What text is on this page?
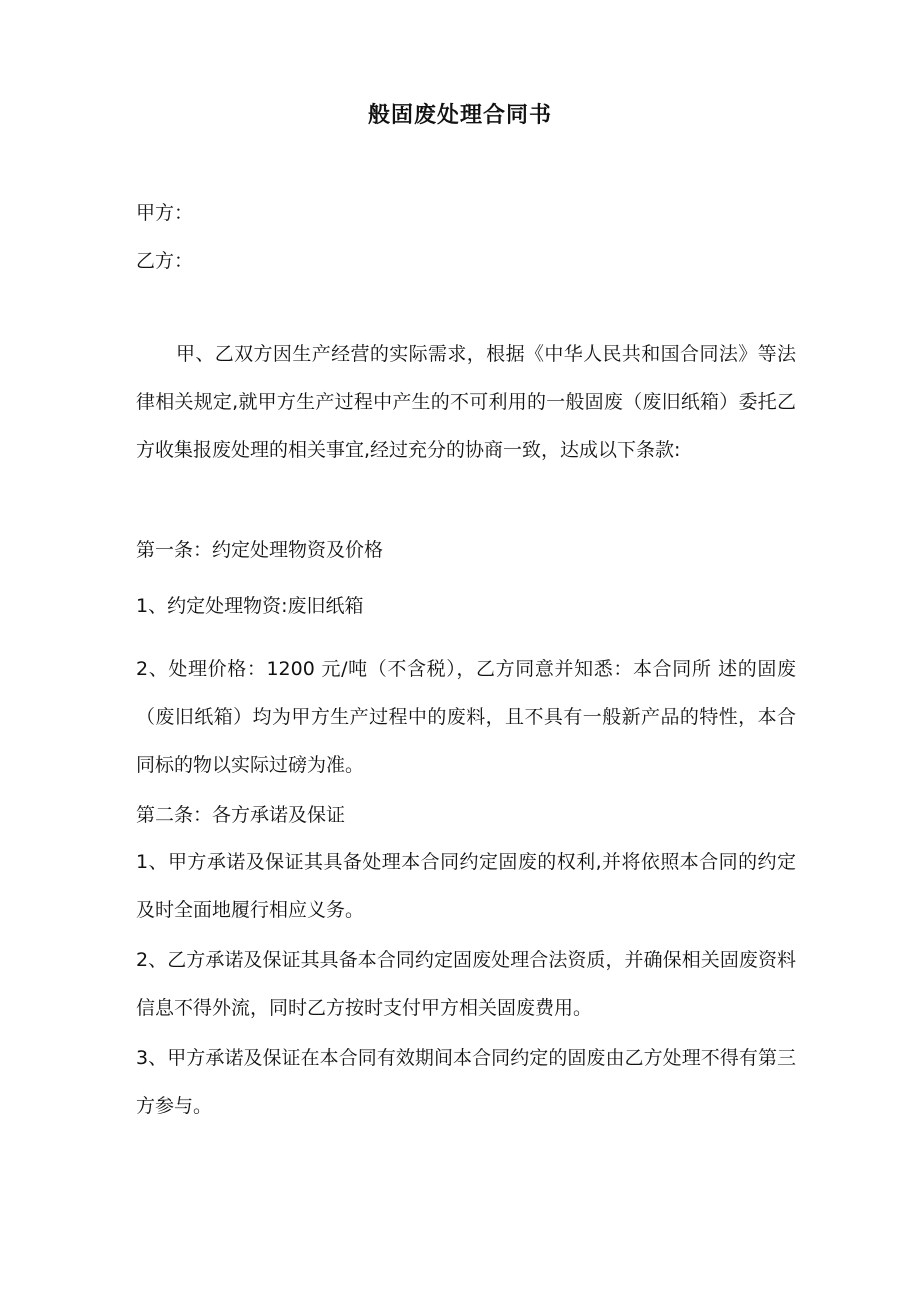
般固废处理合同书
甲方：
乙方：
甲、乙双方因生产经营的实际需求，根据《中华人民共和国合同法》等法律相关规定,就甲方生产过程中产生的不可利用的一般固废（废旧纸箱）委托乙方收集报废处理的相关事宜,经过充分的协商一致，达成以下条款:
第一条：约定处理物资及价格
1、约定处理物资:废旧纸箱
2、处理价格：1200 元/吨（不含税），乙方同意并知悉：本合同所 述的固废（废旧纸箱）均为甲方生产过程中的废料，且不具有一般新产品的特性，本合同标的物以实际过磅为准。
第二条：各方承诺及保证
1、甲方承诺及保证其具备处理本合同约定固废的权利,并将依照本合同的约定及时全面地履行相应义务。
2、乙方承诺及保证其具备本合同约定固废处理合法资质，并确保相关固废资料信息不得外流，同时乙方按时支付甲方相关固废费用。
3、甲方承诺及保证在本合同有效期间本合同约定的固废由乙方处理不得有第三方参与。
